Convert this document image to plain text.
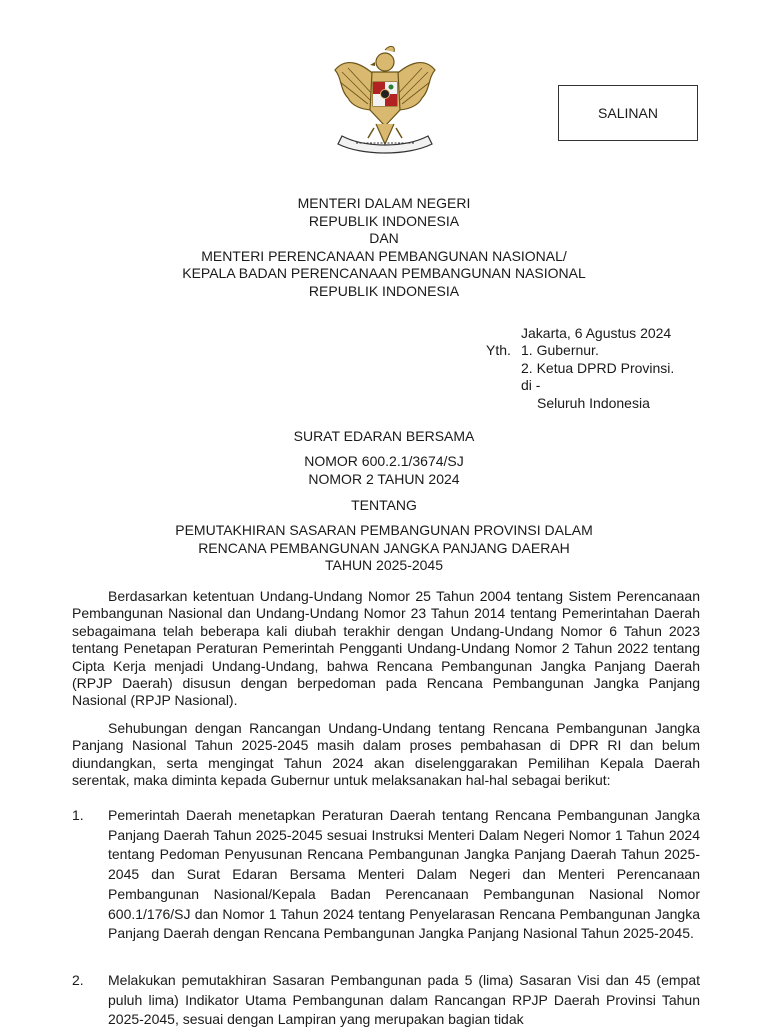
SALINAN
MENTERI DALAM NEGERI
REPUBLIK INDONESIA
DAN
MENTERI PERENCANAAN PEMBANGUNAN NASIONAL/
KEPALA BADAN PERENCANAAN PEMBANGUNAN NASIONAL
REPUBLIK INDONESIA
Jakarta, 6 Agustus 2024
Yth. 1. Gubernur.
2. Ketua DPRD Provinsi.
di -
Seluruh Indonesia
SURAT EDARAN BERSAMA
NOMOR 600.2.1/3674/SJ
NOMOR 2 TAHUN 2024
TENTANG
PEMUTAKHIRAN SASARAN PEMBANGUNAN PROVINSI DALAM
RENCANA PEMBANGUNAN JANGKA PANJANG DAERAH
TAHUN 2025-2045

Berdasarkan ketentuan Undang-Undang Nomor 25 Tahun 2004 tentang Sistem Perencanaan Pembangunan Nasional dan Undang-Undang Nomor 23 Tahun 2014 tentang Pemerintahan Daerah sebagaimana telah beberapa kali diubah terakhir dengan Undang-Undang Nomor 6 Tahun 2023 tentang Penetapan Peraturan Pemerintah Pengganti Undang-Undang Nomor 2 Tahun 2022 tentang Cipta Kerja menjadi Undang-Undang, bahwa Rencana Pembangunan Jangka Panjang Daerah (RPJP Daerah) disusun dengan berpedoman pada Rencana Pembangunan Jangka Panjang Nasional (RPJP Nasional).

Sehubungan dengan Rancangan Undang-Undang tentang Rencana Pembangunan Jangka Panjang Nasional Tahun 2025-2045 masih dalam proses pembahasan di DPR RI dan belum diundangkan, serta mengingat Tahun 2024 akan diselenggarakan Pemilihan Kepala Daerah serentak, maka diminta kepada Gubernur untuk melaksanakan hal-hal sebagai berikut:

1. Pemerintah Daerah menetapkan Peraturan Daerah tentang Rencana Pembangunan Jangka Panjang Daerah Tahun 2025-2045 sesuai Instruksi Menteri Dalam Negeri Nomor 1 Tahun 2024 tentang Pedoman Penyusunan Rencana Pembangunan Jangka Panjang Daerah Tahun 2025-2045 dan Surat Edaran Bersama Menteri Dalam Negeri dan Menteri Perencanaan Pembangunan Nasional/Kepala Badan Perencanaan Pembangunan Nasional Nomor 600.1/176/SJ dan Nomor 1 Tahun 2024 tentang Penyelarasan Rencana Pembangunan Jangka Panjang Daerah dengan Rencana Pembangunan Jangka Panjang Nasional Tahun 2025-2045.
2. Melakukan pemutakhiran Sasaran Pembangunan pada 5 (lima) Sasaran Visi dan 45 (empat puluh lima) Indikator Utama Pembangunan dalam Rancangan RPJP Daerah Provinsi Tahun 2025-2045, sesuai dengan Lampiran yang merupakan bagian tidak
